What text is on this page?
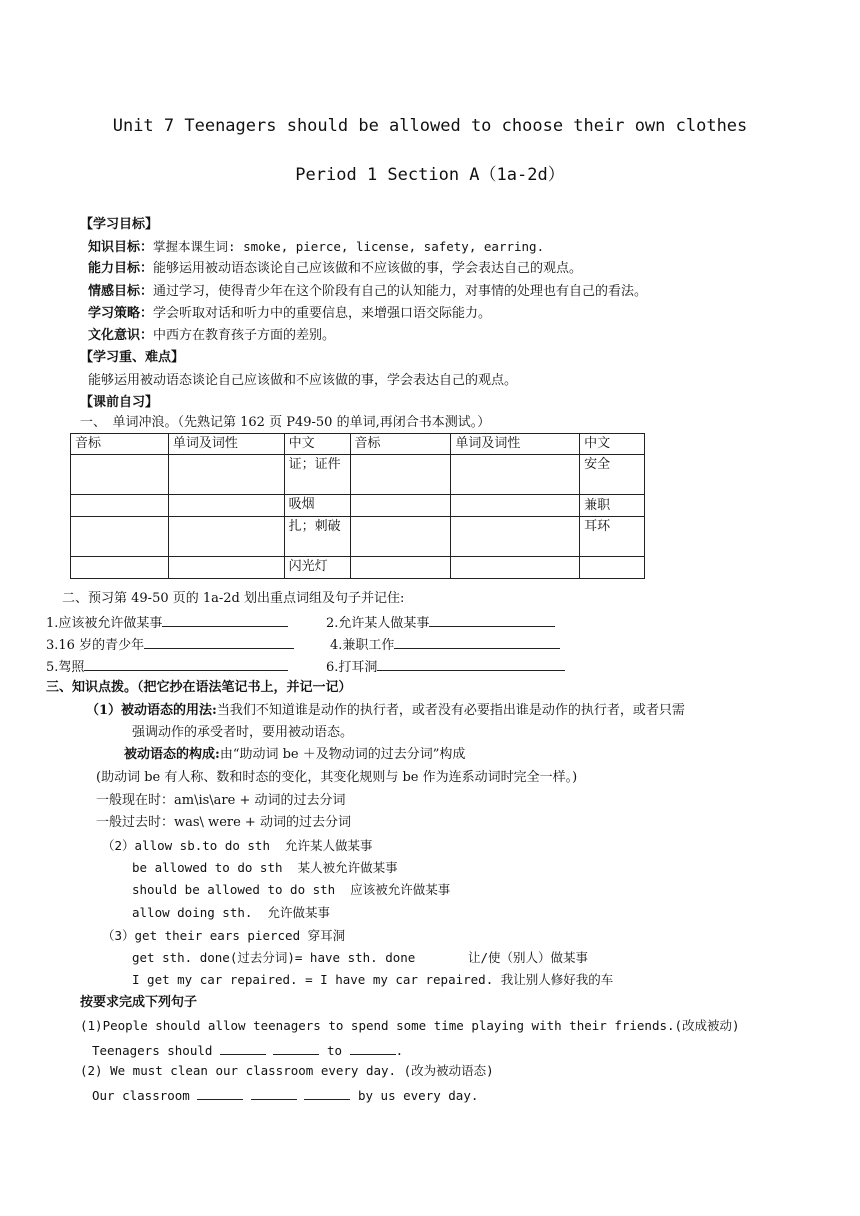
Unit 7 Teenagers should be allowed to choose their own clothes
Period 1 Section A（1a-2d）
【学习目标】
知识目标：掌握本课生词: smoke, pierce, license, safety, earring.
能力目标：能够运用被动语态谈论自己应该做和不应该做的事，学会表达自己的观点。
情感目标：通过学习，使得青少年在这个阶段有自己的认知能力，对事情的处理也有自己的看法。
学习策略：学会听取对话和听力中的重要信息，来增强口语交际能力。
文化意识：中西方在教育孩子方面的差别。
【学习重、难点】
能够运用被动语态谈论自己应该做和不应该做的事，学会表达自己的观点。
【课前自习】
一、　单词冲浪。（先熟记第 162 页 P49-50 的单词,再闭合书本测试。）
音标	单词及词性	中文	音标	单词及词性	中文
		证；证件			安全
		吸烟			兼职
		扎；刺破			耳环
		闪光灯			
二、预习第 49-50 页的 1a-2d 划出重点词组及句子并记住:
1.应该被允许做某事	2.允许某人做某事
3.16 岁的青少年	4.兼职工作
5.驾照	6.打耳洞
三、知识点拨。（把它抄在语法笔记书上，并记一记）
（1）被动语态的用法:当我们不知道谁是动作的执行者，或者没有必要指出谁是动作的执行者，或者只需
强调动作的承受者时，要用被动语态。
被动语态的构成:由“助动词 be ＋及物动词的过去分词”构成
(助动词 be 有人称、数和时态的变化，其变化规则与 be 作为连系动词时完全一样。)
一般现在时：am\is\are + 动词的过去分词
一般过去时：was\ were + 动词的过去分词
（2）allow sb.to do sth  允许某人做某事
be allowed to do sth  某人被允许做某事
should be allowed to do sth  应该被允许做某事
allow doing sth.  允许做某事
（3）get their ears pierced 穿耳洞
get sth. done(过去分词)= have sth. done       让/使（别人）做某事
I get my car repaired. = I have my car repaired. 我让别人修好我的车
按要求完成下列句子
(1)People should allow teenagers to spend some time playing with their friends.(改成被动)
Teenagers should	to	.
(2) We must clean our classroom every day. (改为被动语态)
Our classroom	by us every day.
